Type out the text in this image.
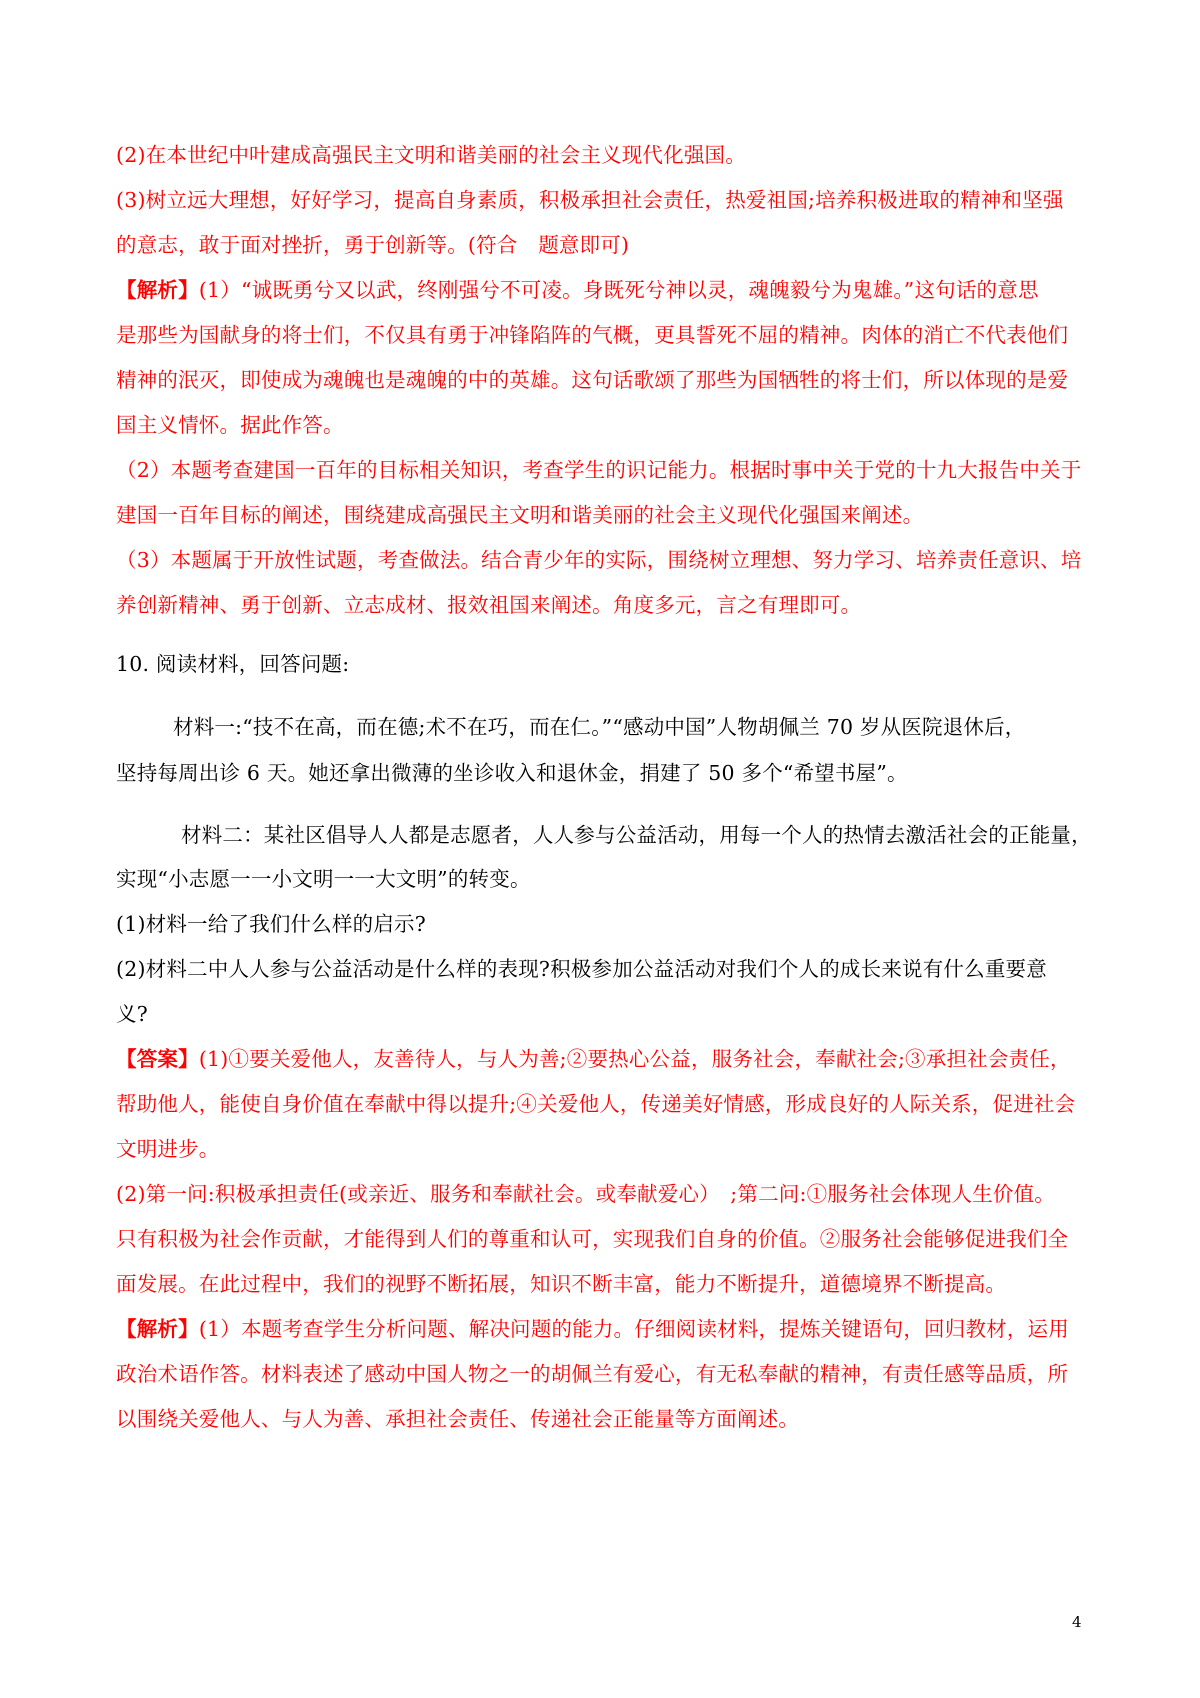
(2)在本世纪中叶建成高强民主文明和谐美丽的社会主义现代化强国。
(3)树立远大理想，好好学习，提高自身素质，积极承担社会责任，热爱祖国;培养积极进取的精神和坚强
的意志，敢于面对挫折，勇于创新等。(符合　题意即可)
【解析】(1）“诚既勇兮又以武，终刚强兮不可凌。身既死兮神以灵，魂魄毅兮为鬼雄。”这句话的意思
是那些为国献身的将士们，不仅具有勇于冲锋陷阵的气概，更具誓死不屈的精神。肉体的消亡不代表他们
精神的泯灭，即使成为魂魄也是魂魄的中的英雄。这句话歌颂了那些为国牺牲的将士们，所以体现的是爱
国主义情怀。据此作答。
（2）本题考查建国一百年的目标相关知识，考查学生的识记能力。根据时事中关于党的十九大报告中关于
建国一百年目标的阐述，围绕建成高强民主文明和谐美丽的社会主义现代化强国来阐述。
（3）本题属于开放性试题，考查做法。结合青少年的实际，围绕树立理想、努力学习、培养责任意识、培
养创新精神、勇于创新、立志成材、报效祖国来阐述。角度多元，言之有理即可。
10. 阅读材料，回答问题:
材料一:“技不在高，而在德;术不在巧，而在仁。”“感动中国”人物胡佩兰 70 岁从医院退休后，
坚持每周出诊 6 天。她还拿出微薄的坐诊收入和退休金，捐建了 50 多个“希望书屋”。
材料二：某社区倡导人人都是志愿者，人人参与公益活动，用每一个人的热情去激活社会的正能量，
实现“小志愿一一小文明一一大文明”的转变。
(1)材料一给了我们什么样的启示?
(2)材料二中人人参与公益活动是什么样的表现?积极参加公益活动对我们个人的成长来说有什么重要意
义?
【答案】(1)①要关爱他人，友善待人，与人为善;②要热心公益，服务社会，奉献社会;③承担社会责任，
帮助他人，能使自身价值在奉献中得以提升;④关爱他人，传递美好情感，形成良好的人际关系，促进社会
文明进步。
(2)第一问:积极承担责任(或亲近、服务和奉献社会。或奉献爱心）　;第二问:①服务社会体现人生价值。
只有积极为社会作贡献，才能得到人们的尊重和认可，实现我们自身的价值。②服务社会能够促进我们全
面发展。在此过程中，我们的视野不断拓展，知识不断丰富，能力不断提升，道德境界不断提高。
【解析】(1）本题考查学生分析问题、解决问题的能力。仔细阅读材料，提炼关键语句，回归教材，运用
政治术语作答。材料表述了感动中国人物之一的胡佩兰有爱心，有无私奉献的精神，有责任感等品质，所
以围绕关爱他人、与人为善、承担社会责任、传递社会正能量等方面阐述。
4
